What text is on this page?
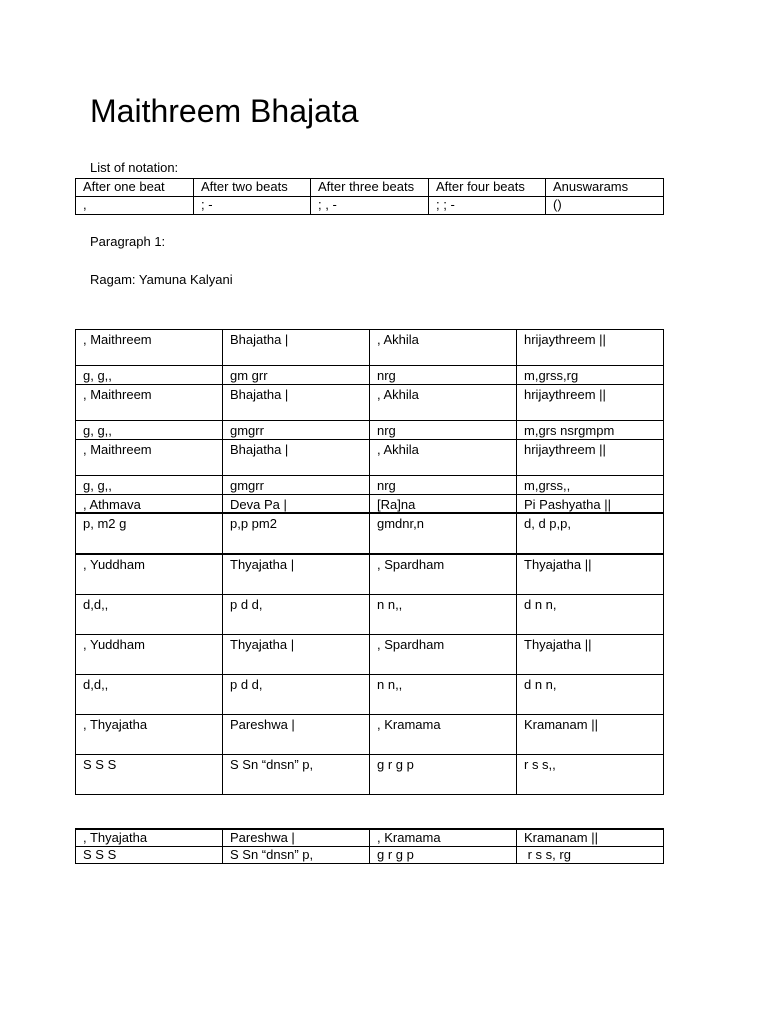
Maithreem Bhajata

List of notation:

After one beat	After two beats	After three beats	After four beats	Anuswarams
,	; -	; , -	; ; -	()

Paragraph 1:

Ragam: Yamuna Kalyani

, Maithreem	Bhajatha |	, Akhila	hrijaythreem ||
g, g,,	gm grr	nrg	m,grss,rg
, Maithreem	Bhajatha |	, Akhila	hrijaythreem ||
g, g,,	gmgrr	nrg	m,grs nsrgmpm
, Maithreem	Bhajatha |	, Akhila	hrijaythreem ||
g, g,,	gmgrr	nrg	m,grss,,
, Athmava	Deva Pa |	[Ra]na	Pi Pashyatha ||
p, m2 g	p,p pm2	gmdnr,n	d, d p,p,
, Yuddham	Thyajatha |	, Spardham	Thyajatha ||
d,d,,	p d d,	n n,,	d n n,
, Yuddham	Thyajatha |	, Spardham	Thyajatha ||
d,d,,	p d d,	n n,,	d n n,
, Thyajatha	Pareshwa |	, Kramama	Kramanam ||
S S S	S Sn “dnsn” p,	g r g p	r s s,,
, Thyajatha	Pareshwa |	, Kramama	Kramanam ||
S S S	S Sn “dnsn” p,	g r g p	r s s, rg
